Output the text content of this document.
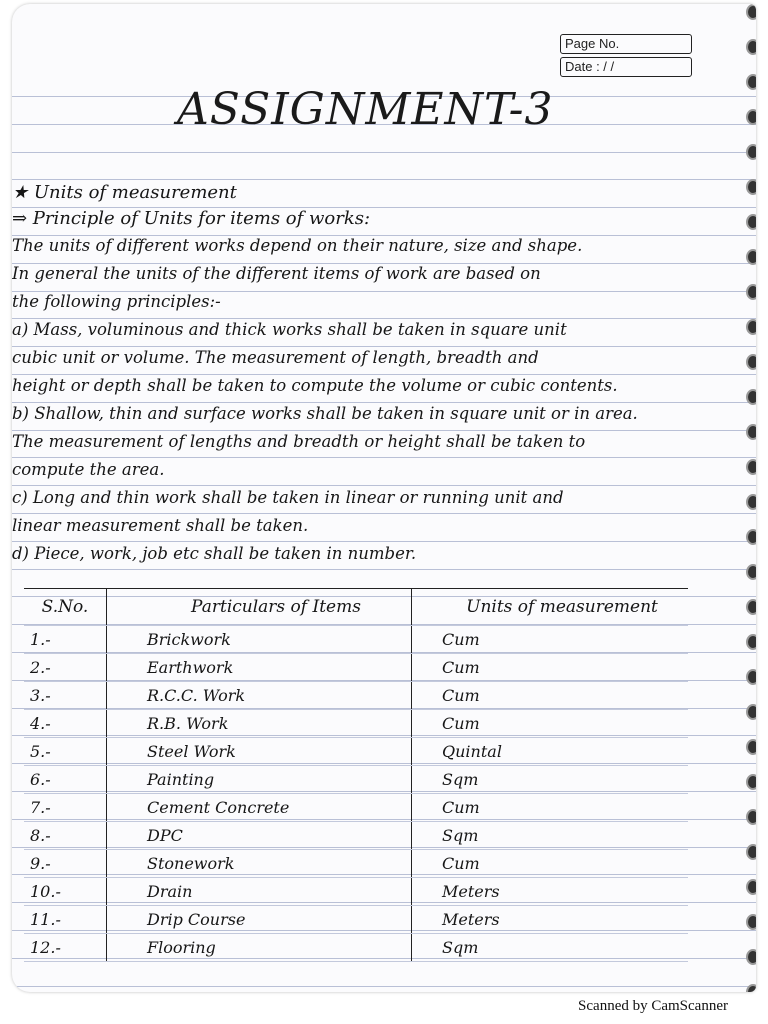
Page No.
Date : / /
ASSIGNMENT-3
★ Units of measurement
⇒ Principle of Units for items of works:
The units of different works depend on their nature, size and shape.
In general the units of the different items of work are based on
the following principles:-
a) Mass, voluminous and thick works shall be taken in square unit
cubic unit or volume. The measurement of length, breadth and
height or depth shall be taken to compute the volume or cubic contents.
b) Shallow, thin and surface works shall be taken in square unit or in area.
The measurement of lengths and breadth or height shall be taken to
compute the area.
c) Long and thin work shall be taken in linear or running unit and
linear measurement shall be taken.
d) Piece, work, job etc shall be taken in number.
S.No.	Particulars of Items	Units of measurement
1.-	Brickwork	Cum
2.-	Earthwork	Cum
3.-	R.C.C. Work	Cum
4.-	R.B. Work	Cum
5.-	Steel Work	Quintal
6.-	Painting	Sqm
7.-	Cement Concrete	Cum
8.-	DPC	Sqm
9.-	Stonework	Cum
10.-	Drain	Meters
11.-	Drip Course	Meters
12.-	Flooring	Sqm
Scanned by CamScanner
